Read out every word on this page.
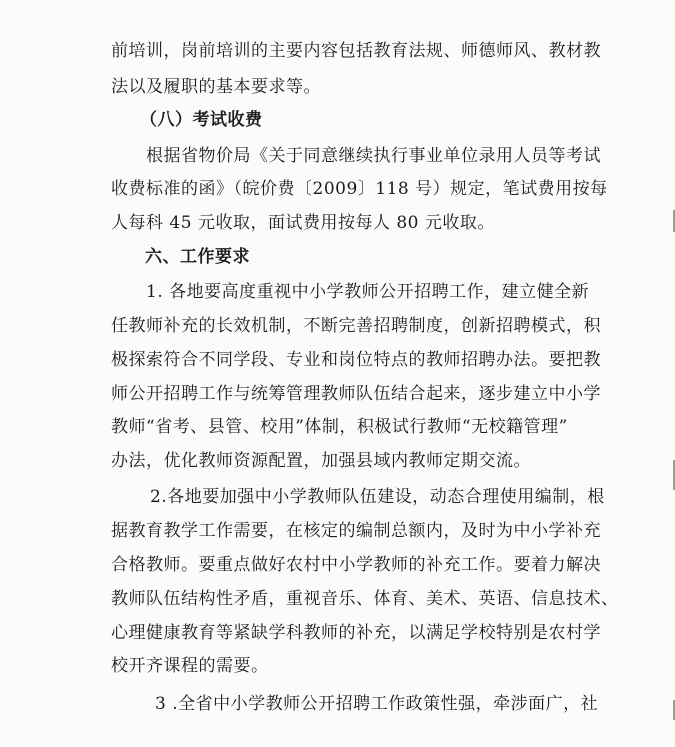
前培训，岗前培训的主要内容包括教育法规、师德师风、教材教
法以及履职的基本要求等。
（八）考试收费
根据省物价局《关于同意继续执行事业单位录用人员等考试
收费标准的函》（皖价费〔2009〕118 号）规定，笔试费用按每
人每科 45 元收取，面试费用按每人 80 元收取。
六、工作要求
1. 各地要高度重视中小学教师公开招聘工作，建立健全新
任教师补充的长效机制，不断完善招聘制度，创新招聘模式，积
极探索符合不同学段、专业和岗位特点的教师招聘办法。要把教
师公开招聘工作与统筹管理教师队伍结合起来，逐步建立中小学
教师“省考、县管、校用”体制，积极试行教师“无校籍管理”
办法，优化教师资源配置，加强县域内教师定期交流。
2.各地要加强中小学教师队伍建设，动态合理使用编制，根
据教育教学工作需要，在核定的编制总额内，及时为中小学补充
合格教师。要重点做好农村中小学教师的补充工作。要着力解决
教师队伍结构性矛盾，重视音乐、体育、美术、英语、信息技术、
心理健康教育等紧缺学科教师的补充，以满足学校特别是农村学
校开齐课程的需要。
3 .全省中小学教师公开招聘工作政策性强，牵涉面广，社
